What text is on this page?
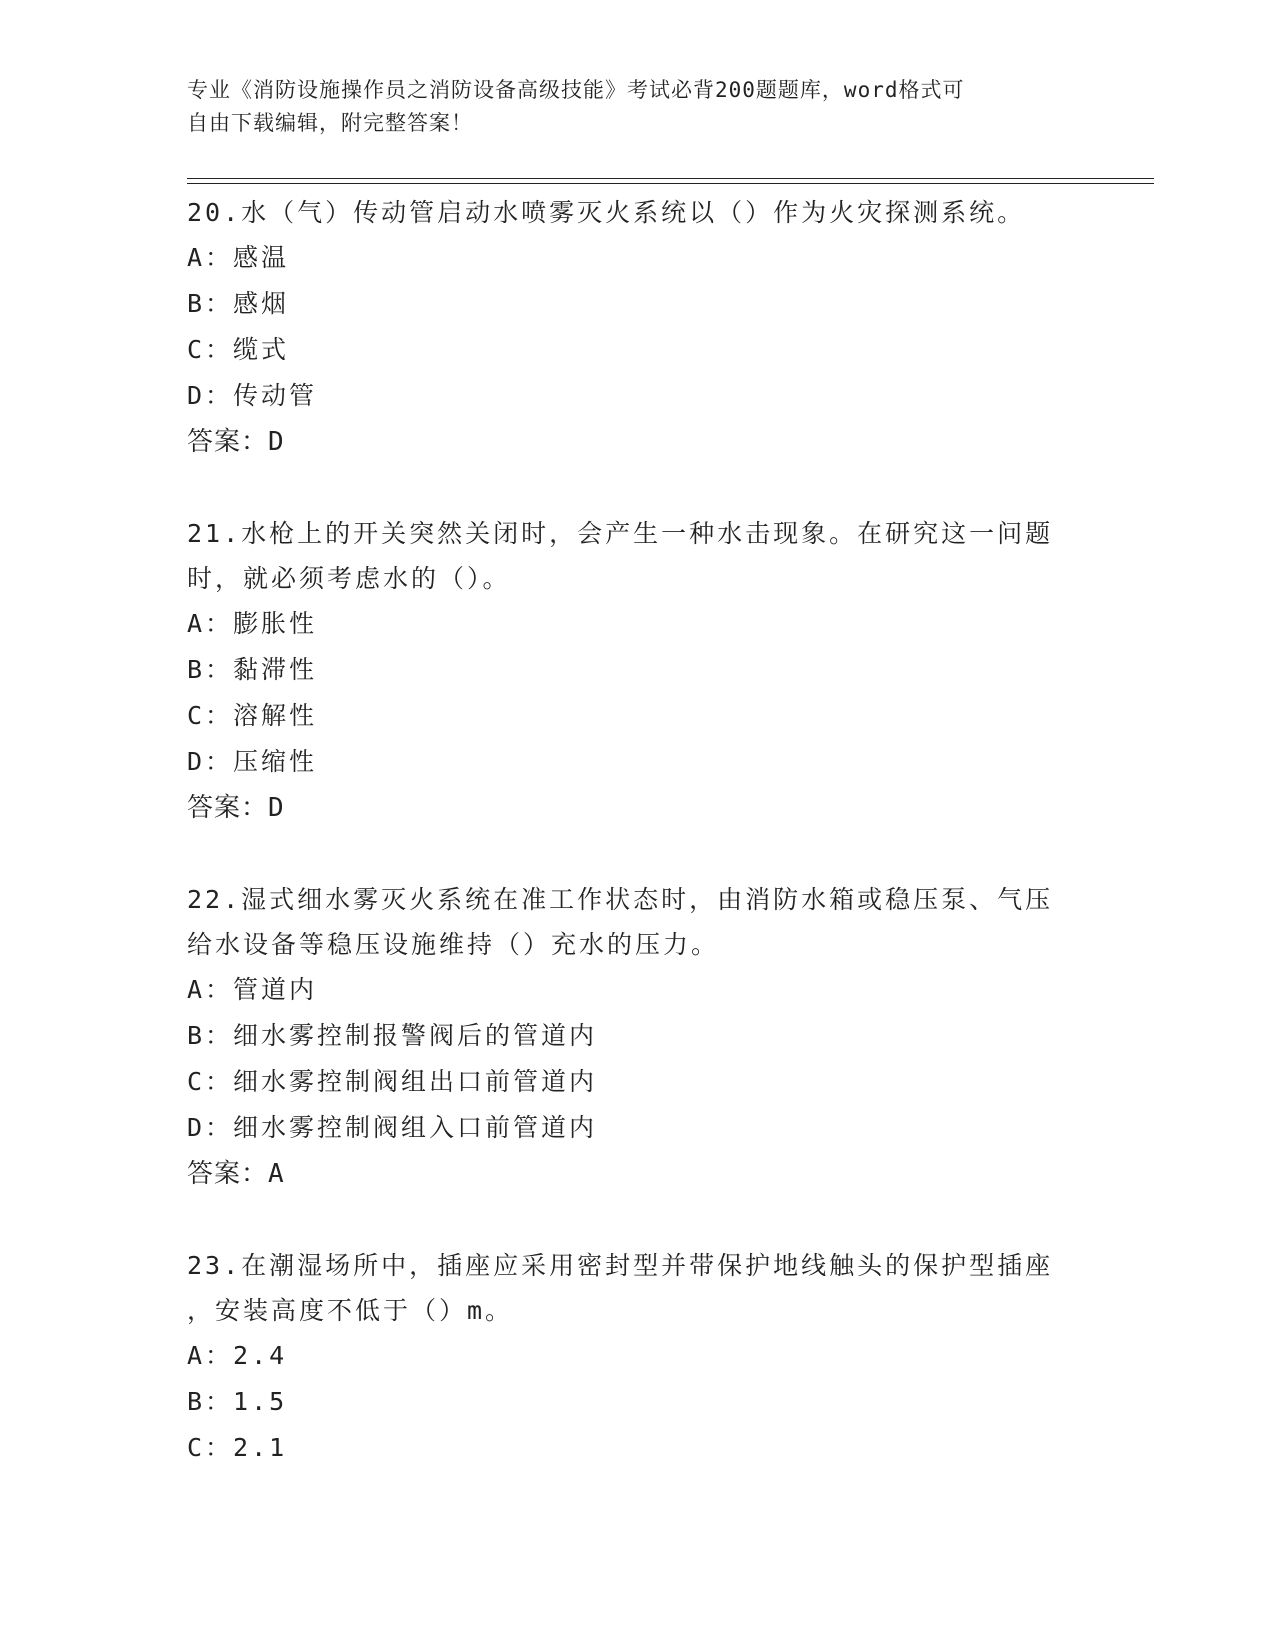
专业《消防设施操作员之消防设备高级技能》考试必背200题题库，word格式可
自由下载编辑，附完整答案！
20.水（气）传动管启动水喷雾灭火系统以（）作为火灾探测系统。
A：感温
B：感烟
C：缆式
D：传动管
答案：D
21.水枪上的开关突然关闭时，会产生一种水击现象。在研究这一问题
时，就必须考虑水的（）。
A：膨胀性
B：黏滞性
C：溶解性
D：压缩性
答案：D
22.湿式细水雾灭火系统在准工作状态时，由消防水箱或稳压泵、气压
给水设备等稳压设施维持（）充水的压力。
A：管道内
B：细水雾控制报警阀后的管道内
C：细水雾控制阀组出口前管道内
D：细水雾控制阀组入口前管道内
答案：A
23.在潮湿场所中，插座应采用密封型并带保护地线触头的保护型插座
，安装高度不低于（）m。
A：2.4
B：1.5
C：2.1
